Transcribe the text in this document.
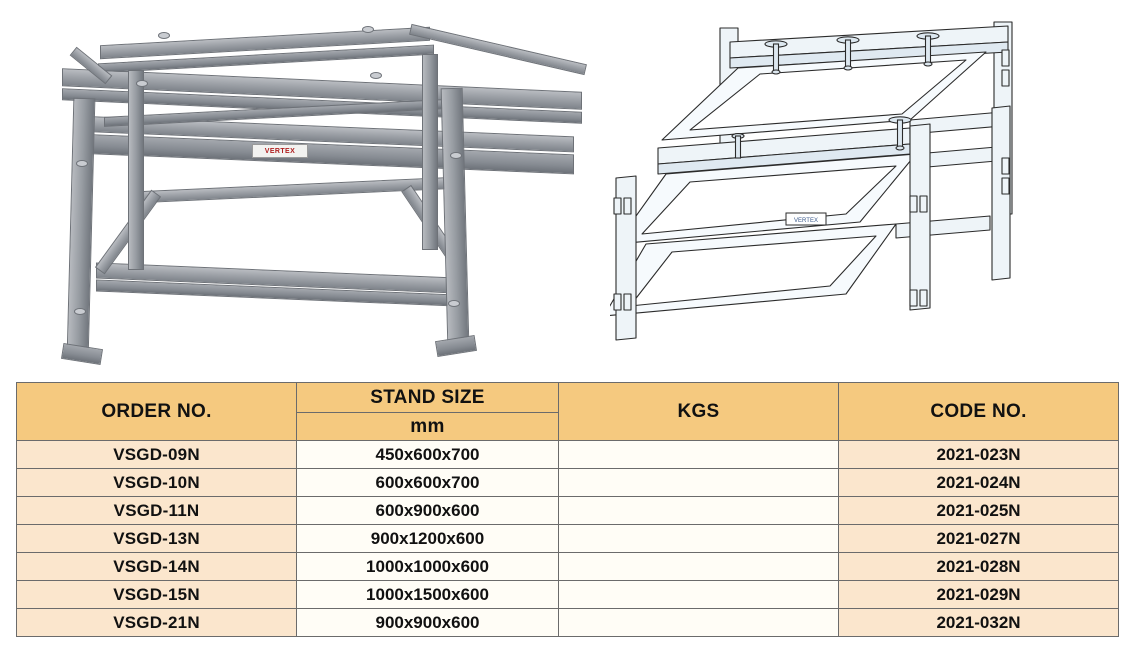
VERTEX
VERTEX
ORDER NO.	STAND SIZE	KGS	CODE NO.
	mm		
VSGD-09N	450x600x700		2021-023N
VSGD-10N	600x600x700		2021-024N
VSGD-11N	600x900x600		2021-025N
VSGD-13N	900x1200x600		2021-027N
VSGD-14N	1000x1000x600		2021-028N
VSGD-15N	1000x1500x600		2021-029N
VSGD-21N	900x900x600		2021-032N
